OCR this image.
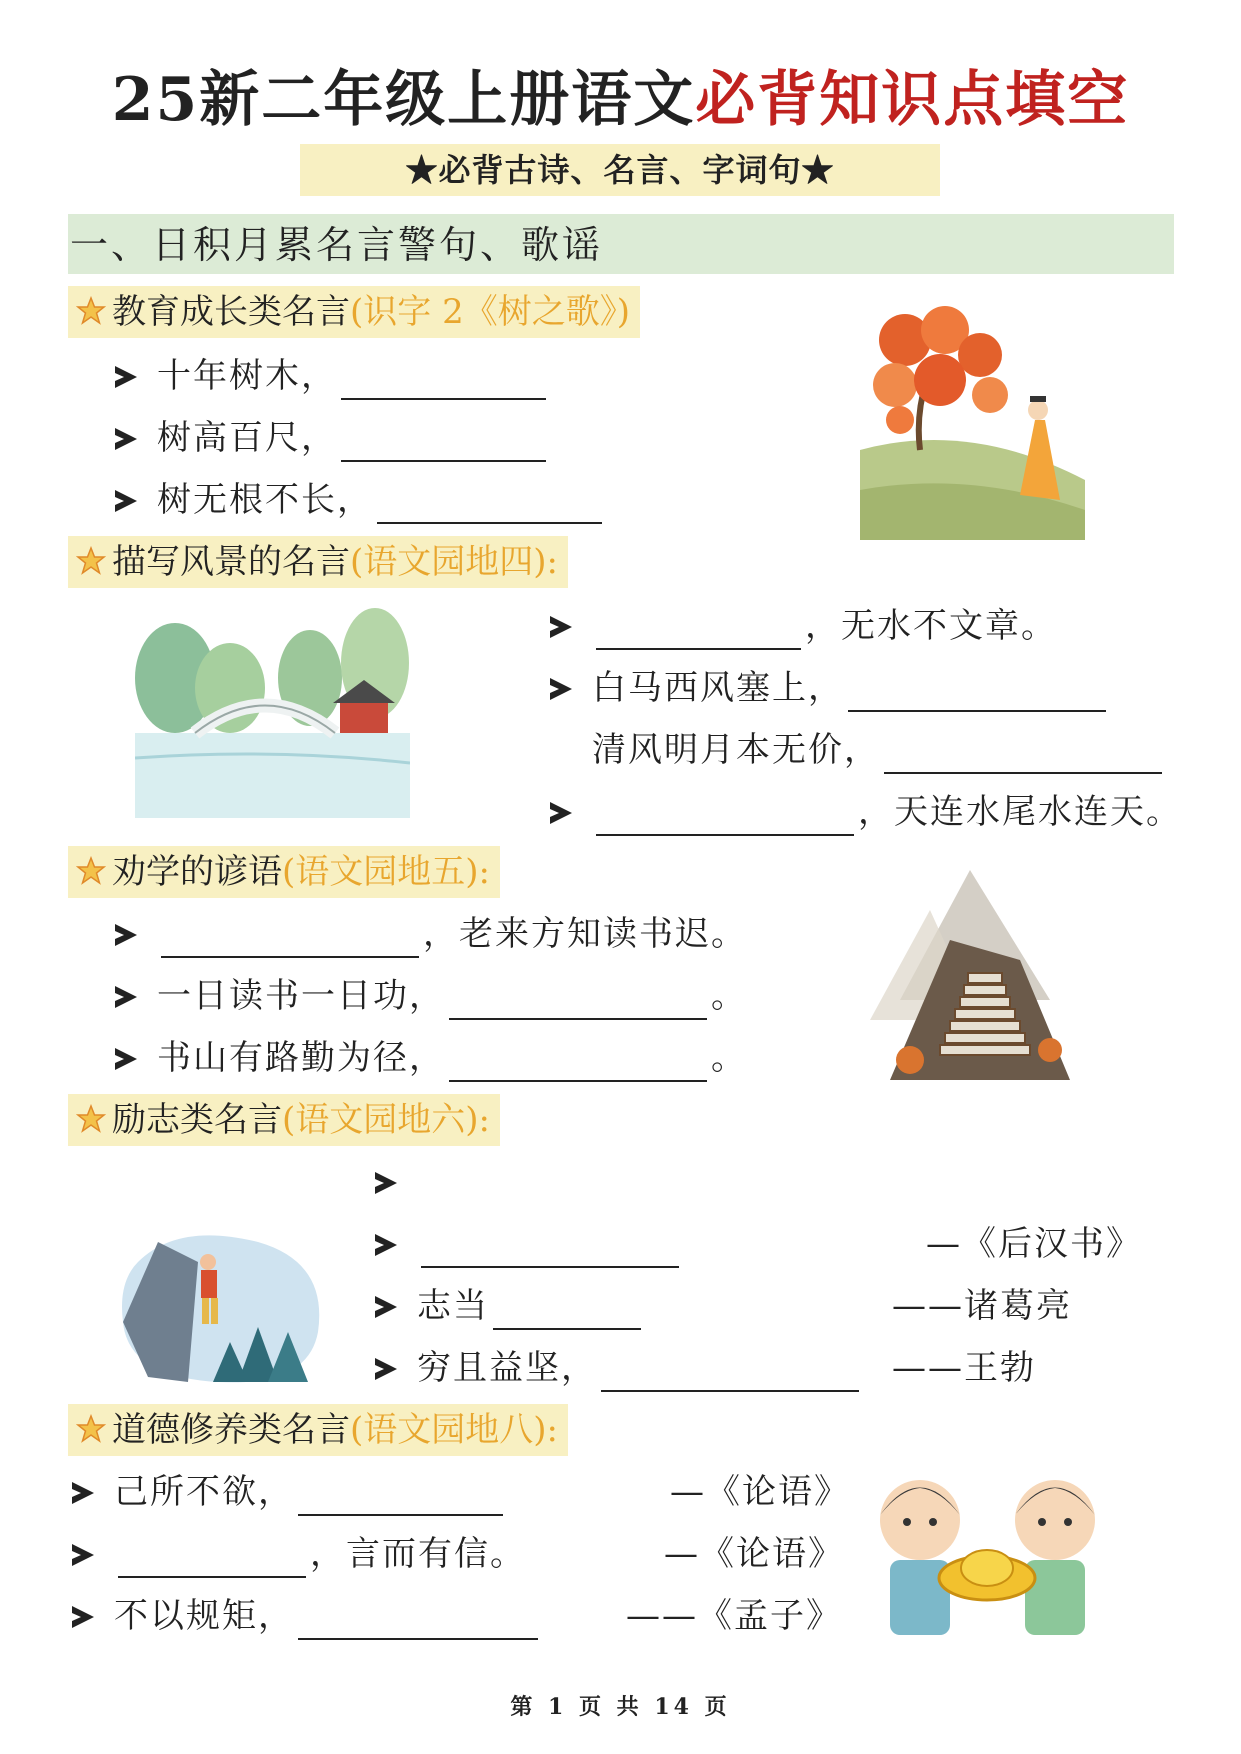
25新二年级上册语文必背知识点填空
★必背古诗、名言、字词句★
一、日积月累名言警句、歌谣
教育成长类名言(识字 2《树之歌》)
十年树木，
树高百尺，
树无根不长，
描写风景的名言(语文园地四):
，无水不文章。
白马西风塞上，
清风明月本无价，
，天连水尾水连天。
劝学的谚语(语文园地五):
，老来方知读书迟。
一日读书一日功，	。
书山有路勤为径，	。
励志类名言(语文园地六):
—《后汉书》
志当	——诸葛亮
穷且益坚，	——王勃
道德修养类名言(语文园地八):
己所不欲，	—《论语》
，言而有信。	—《论语》
不以规矩，	——《孟子》
第 1 页 共 14 页
